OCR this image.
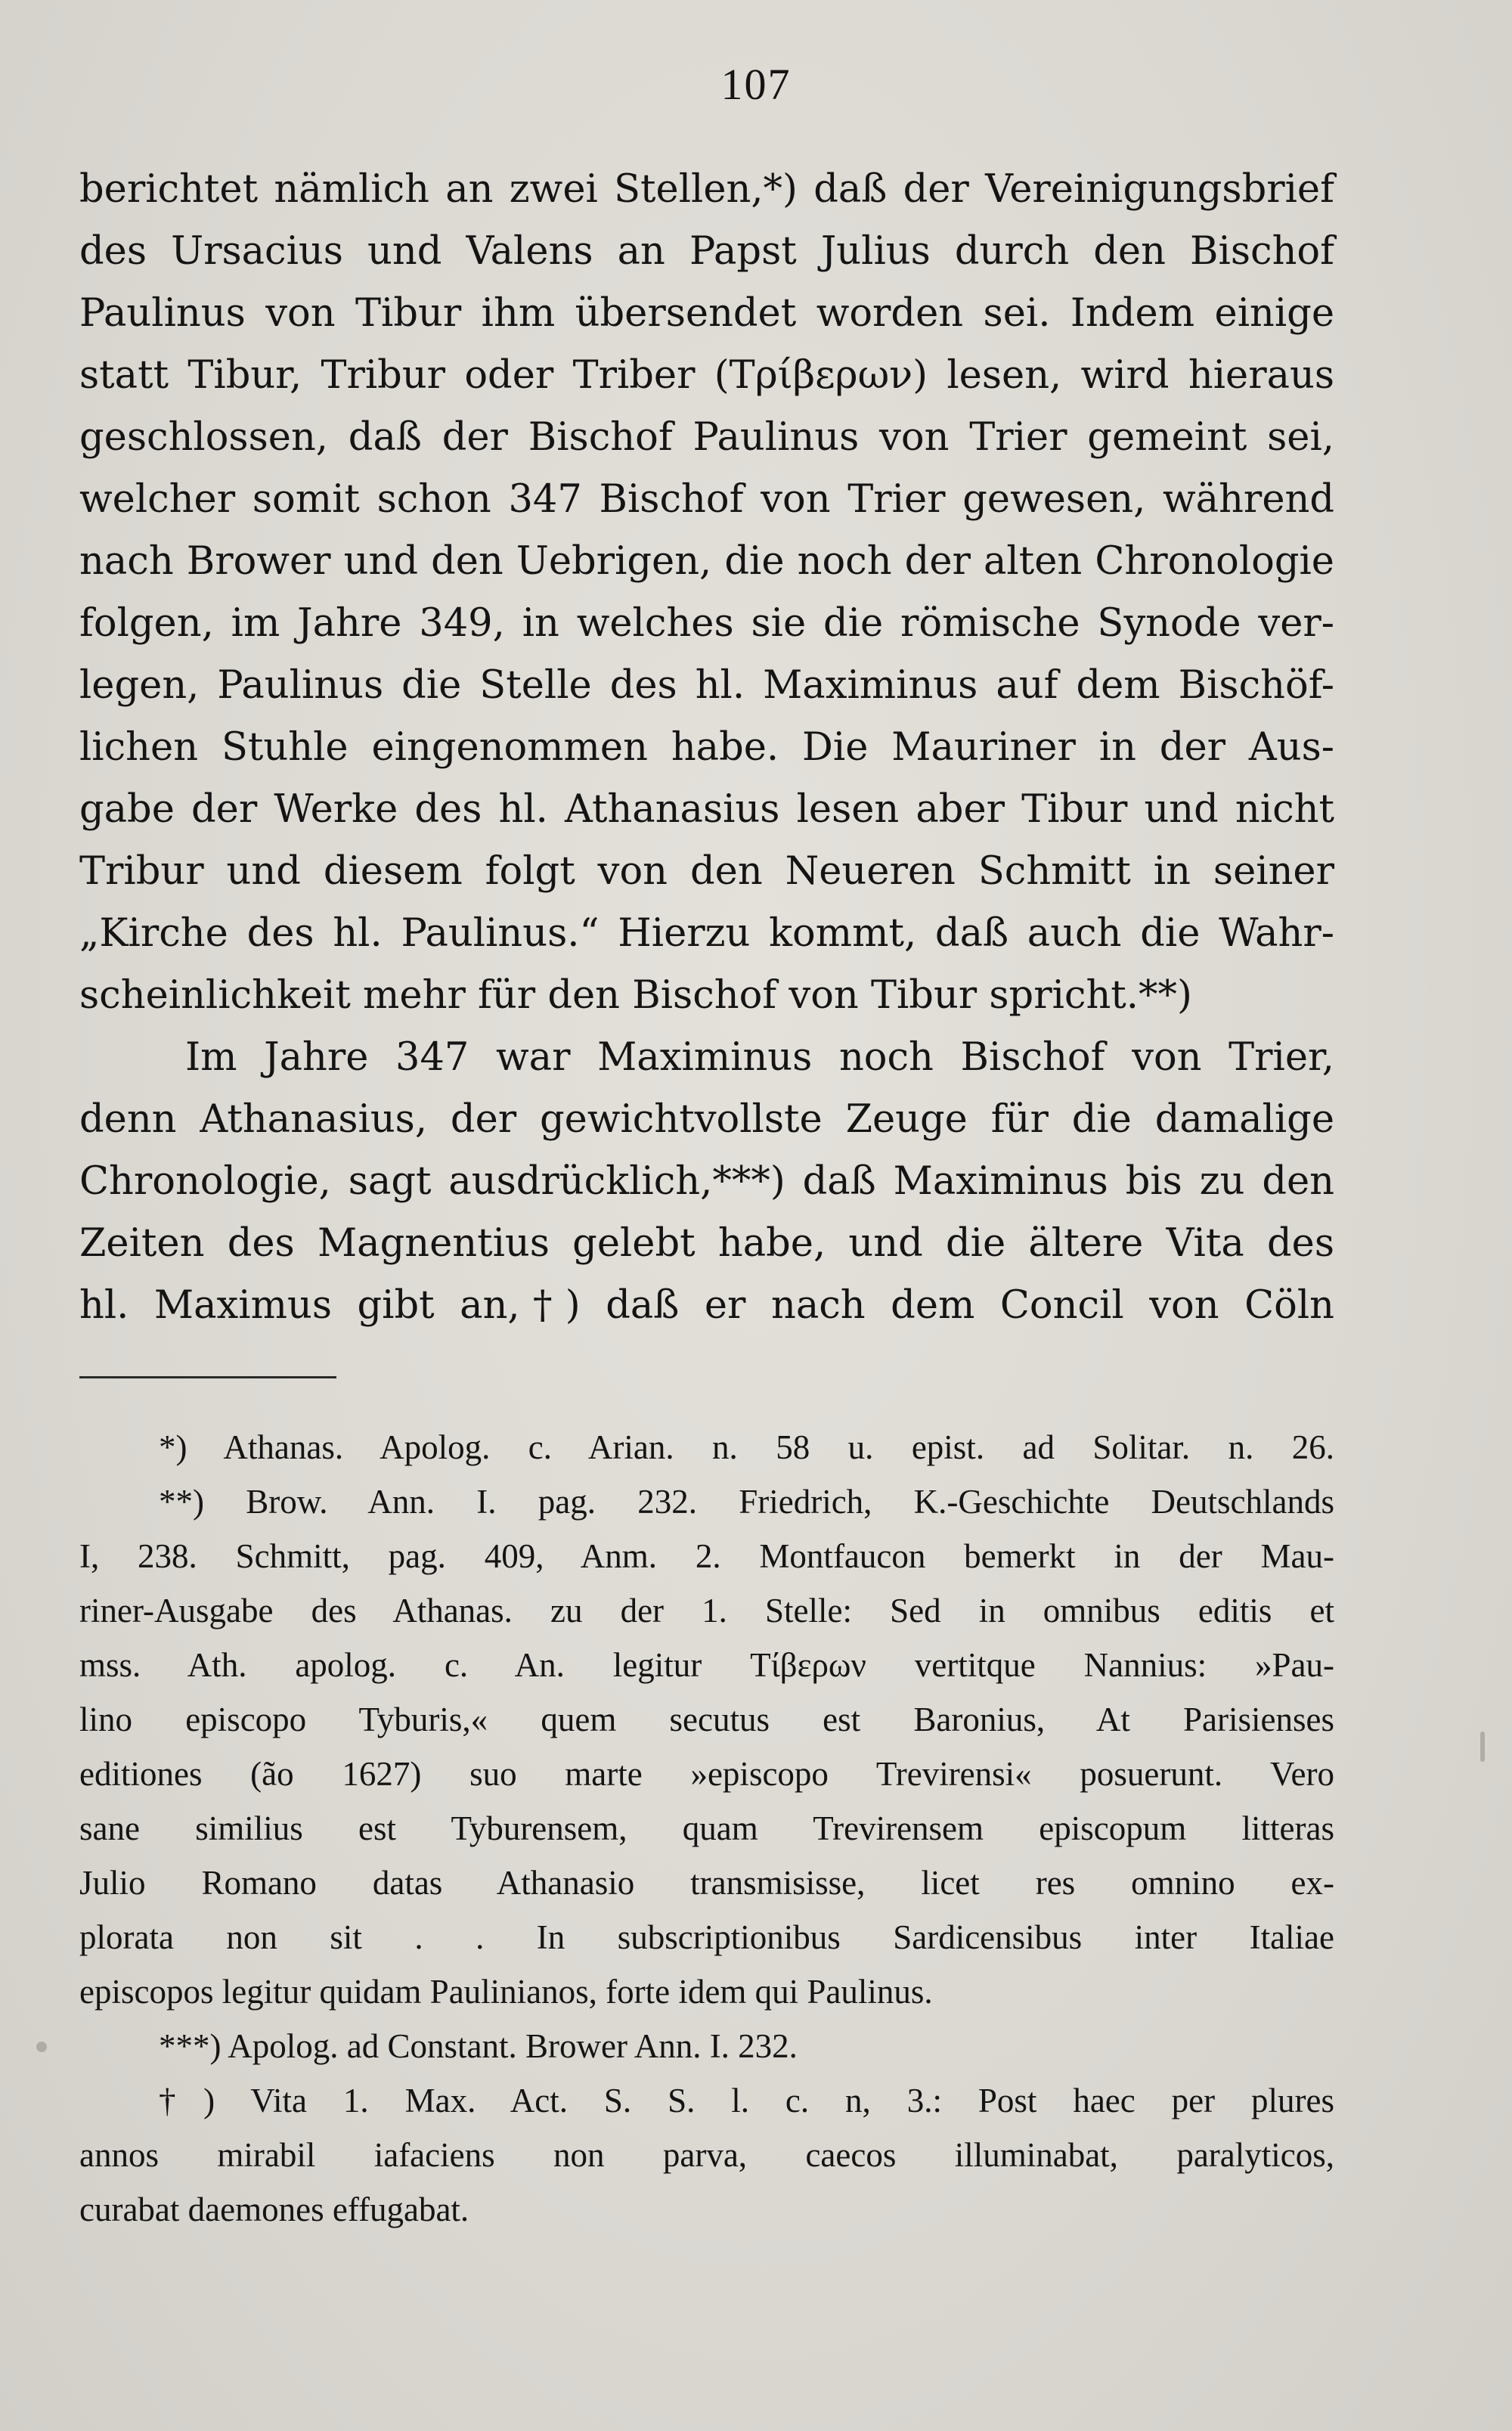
107
berichtet nämlich an zwei Stellen,*) daß der Vereinigungsbrief
des Ursacius und Valens an Papst Julius durch den Bischof
Paulinus von Tibur ihm übersendet worden sei. Indem einige
statt Tibur, Tribur oder Triber (Τρίβερων) lesen, wird hieraus
geschlossen, daß der Bischof Paulinus von Trier gemeint sei,
welcher somit schon 347 Bischof von Trier gewesen, während
nach Brower und den Uebrigen, die noch der alten Chronologie
folgen, im Jahre 349, in welches sie die römische Synode ver-
legen, Paulinus die Stelle des hl. Maximinus auf dem Bischöf-
lichen Stuhle eingenommen habe. Die Mauriner in der Aus-
gabe der Werke des hl. Athanasius lesen aber Tibur und nicht
Tribur und diesem folgt von den Neueren Schmitt in seiner
„Kirche des hl. Paulinus.“ Hierzu kommt, daß auch die Wahr-
scheinlichkeit mehr für den Bischof von Tibur spricht.**)
Im Jahre 347 war Maximinus noch Bischof von Trier,
denn Athanasius, der gewichtvollste Zeuge für die damalige
Chronologie, sagt ausdrücklich,***) daß Maximinus bis zu den
Zeiten des Magnentius gelebt habe, und die ältere Vita des
hl. Maximus gibt an,†) daß er nach dem Concil von Cöln
*) Athanas. Apolog. c. Arian. n. 58 u. epist. ad Solitar. n. 26.
**) Brow. Ann. I. pag. 232. Friedrich, K.-Geschichte Deutschlands
I, 238. Schmitt, pag. 409, Anm. 2. Montfaucon bemerkt in der Mau-
riner-Ausgabe des Athanas. zu der 1. Stelle: Sed in omnibus editis et
mss. Ath. apolog. c. An. legitur Τίβερων vertitque Nannius: »Pau-
lino episcopo Tyburis,« quem secutus est Baronius, At Parisienses
editiones (ão 1627) suo marte »episcopo Trevirensi« posuerunt. Vero
sane similius est Tyburensem, quam Trevirensem episcopum litteras
Julio Romano datas Athanasio transmisisse, licet res omnino ex-
plorata non sit . . In subscriptionibus Sardicensibus inter Italiae
episcopos legitur quidam Paulinianos, forte idem qui Paulinus.
***) Apolog. ad Constant. Brower Ann. I. 232.
†) Vita 1. Max. Act. S. S. l. c. n, 3.: Post haec per plures
annos mirabil iafaciens non parva, caecos illuminabat, paralyticos,
curabat daemones effugabat.
